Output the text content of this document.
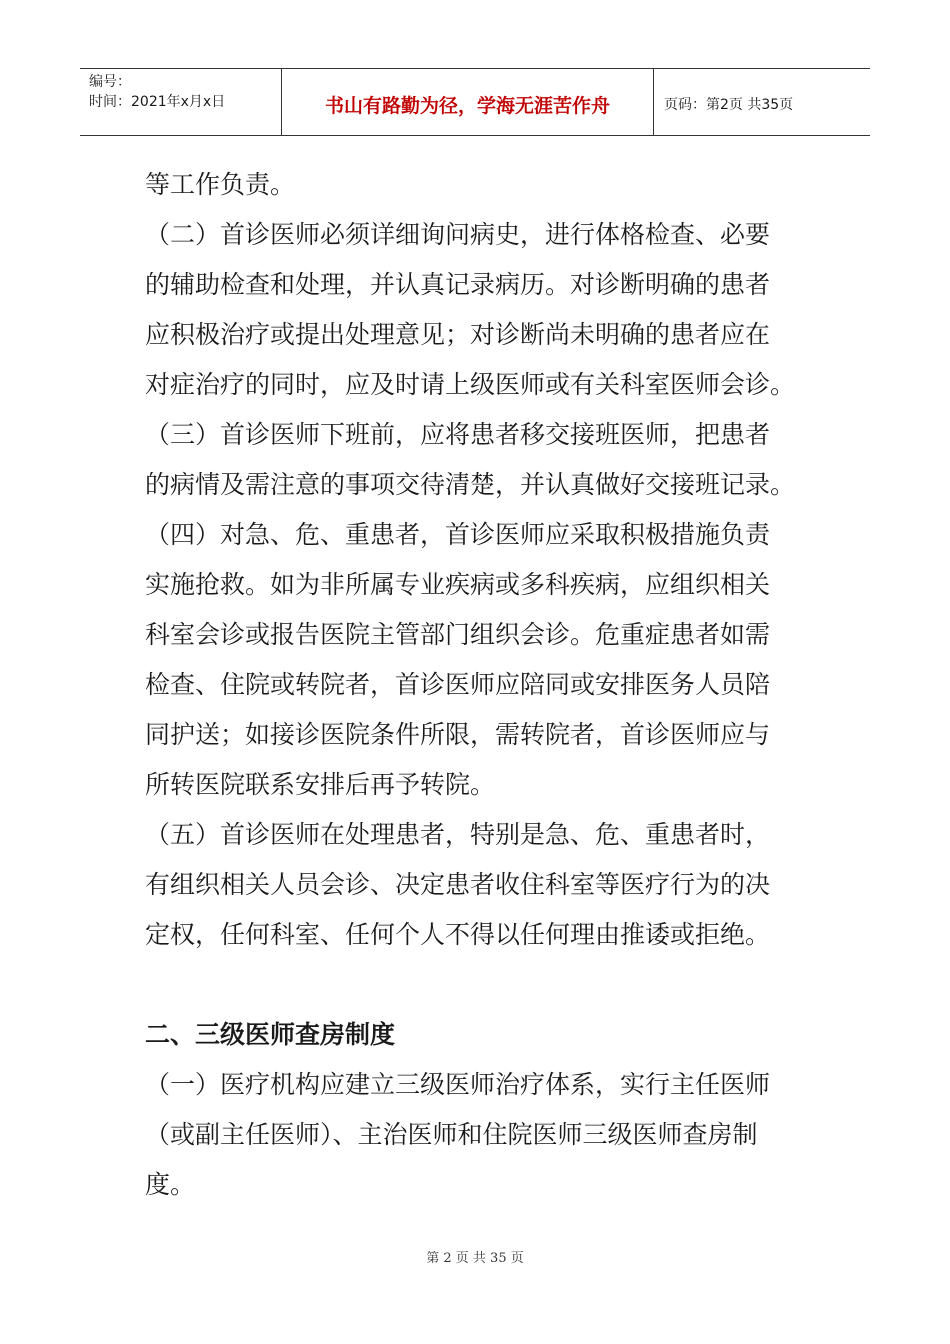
编号：
时间：2021年x月x日	书山有路勤为径，学海无涯苦作舟	页码：第2页 共35页
等工作负责。
（二）首诊医师必须详细询问病史，进行体格检查、必要
的辅助检查和处理，并认真记录病历。对诊断明确的患者
应积极治疗或提出处理意见；对诊断尚未明确的患者应在
对症治疗的同时，应及时请上级医师或有关科室医师会诊。
（三）首诊医师下班前，应将患者移交接班医师，把患者
的病情及需注意的事项交待清楚，并认真做好交接班记录。
（四）对急、危、重患者，首诊医师应采取积极措施负责
实施抢救。如为非所属专业疾病或多科疾病，应组织相关
科室会诊或报告医院主管部门组织会诊。危重症患者如需
检查、住院或转院者，首诊医师应陪同或安排医务人员陪
同护送；如接诊医院条件所限，需转院者，首诊医师应与
所转医院联系安排后再予转院。
（五）首诊医师在处理患者，特别是急、危、重患者时，
有组织相关人员会诊、决定患者收住科室等医疗行为的决
定权，任何科室、任何个人不得以任何理由推诿或拒绝。
二、三级医师查房制度
（一）医疗机构应建立三级医师治疗体系，实行主任医师
（或副主任医师）、主治医师和住院医师三级医师查房制
度。
第 2 页 共 35 页
